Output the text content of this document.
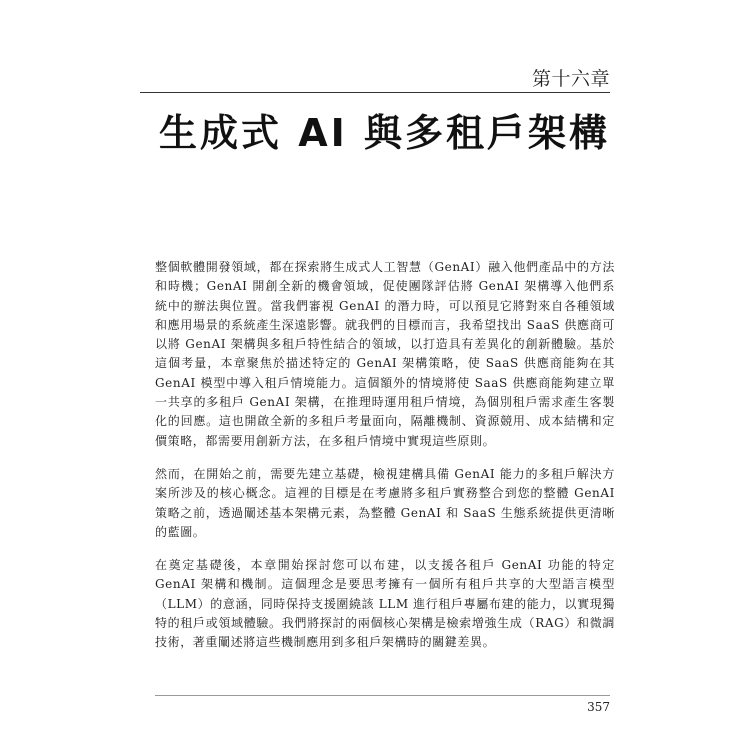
第十六章
生成式 AI 與多租戶架構

整個軟體開發領域，都在探索將生成式人工智慧（GenAI）融入他們產品中的方法和時機；GenAI 開創全新的機會領域，促使團隊評估將 GenAI 架構導入他們系統中的辦法與位置。當我們審視 GenAI 的潛力時，可以預見它將對來自各種領域和應用場景的系統產生深遠影響。就我們的目標而言，我希望找出 SaaS 供應商可以將 GenAI 架構與多租戶特性結合的領域，以打造具有差異化的創新體驗。基於這個考量，本章聚焦於描述特定的 GenAI 架構策略，使 SaaS 供應商能夠在其 GenAI 模型中導入租戶情境能力。這個額外的情境將使 SaaS 供應商能夠建立單一共享的多租戶 GenAI 架構，在推理時運用租戶情境，為個別租戶需求產生客製化的回應。這也開啟全新的多租戶考量面向，隔離機制、資源競用、成本結構和定價策略，都需要用創新方法，在多租戶情境中實現這些原則。

然而，在開始之前，需要先建立基礎，檢視建構具備 GenAI 能力的多租戶解決方案所涉及的核心概念。這裡的目標是在考慮將多租戶實務整合到您的整體 GenAI 策略之前，透過闡述基本架構元素，為整體 GenAI 和 SaaS 生態系統提供更清晰的藍圖。

在奠定基礎後，本章開始探討您可以布建，以支援各租戶 GenAI 功能的特定 GenAI 架構和機制。這個理念是要思考擁有一個所有租戶共享的大型語言模型（LLM）的意涵，同時保持支援圍繞該 LLM 進行租戶專屬布建的能力，以實現獨特的租戶或領域體驗。我們將探討的兩個核心架構是檢索增強生成（RAG）和微調技術，著重闡述將這些機制應用到多租戶架構時的關鍵差異。

357
